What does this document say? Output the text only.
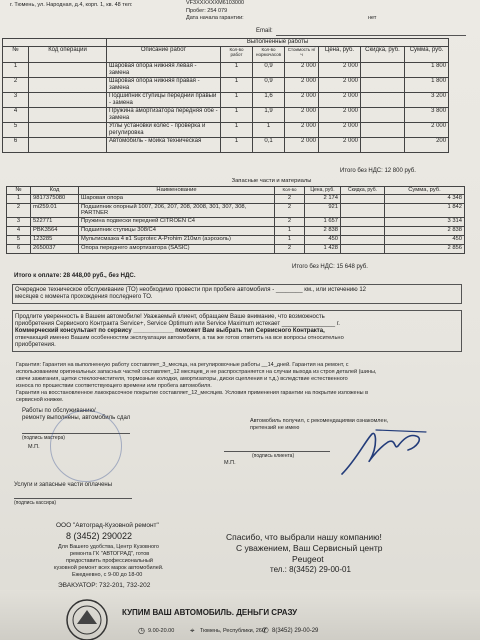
г. Тюмень, ул. Народная, д.4, корп. 1, кв. 48 тел:	VF3XXXXXXM6103000
Пробег: 254 079
Дата начала гарантии:	нет
Email:
		Выполненные работы						
№	Код операции	Описание работ	Кол-во работ	Кол-во нормочасов	Стоимость н/ч	Цена, руб.	Скидка, руб.	Сумма, руб.
1		Шаровая опора нижняя левая - замена	1	0,9	2 000	2 000		1 800
2		Шаровая опора нижняя правая - замена	1	0,9	2 000	2 000		1 800
3		Подшипник ступицы передний правый - замена	1	1,6	2 000	2 000		3 200
4		Пружина амортизатора передняя обе - замена	1	1,9	2 000	2 000		3 800
5		Углы установки колес - проверка и регулировка	1	1	2 000	2 000		2 000
6		Автомобиль - мойка техническая	1	0,1	2 000	2 000		200
Итого без НДС: 12 800 руб.
		Запасные части и материалы				
№	Код	Наименование	Кол-во	Цена, руб.	Скидка, руб.	Сумма, руб.
1	9817375080	Шаровая опора	2	2 174		4 348
2	mi259.01	Подшипник опорный 1007, 206, 207, 208, 2008, 301, 307, 308, PARTNER	2	921		1 842
3	522771	Пружина подвески передней CITROEN C4	2	1 657		3 314
4	PBK3564	Подшипник ступицы 308/C4	1	2 838		2 838
5	123285	Мультисмазка 4 в1 Suprotec A-Prohim 210мл (аэрозоль)	1	450		450
6	2650037	Опора переднего амортизатора (SASIC)	2	1 428		2 856
Итого без НДС: 15 648 руб.
Итого к оплате: 28 448,00 руб., без НДС.
Очередное техническое обслуживание (ТО) необходимо провести при пробеге автомобиля - ________ км., или истечению 12
месяцев с момента прохождения последнего ТО.
Продлите уверенность в Вашем автомобиле! Уважаемый клиент, обращаем Ваше внимание, что возможность
приобретения Сервисного Контракта Service+, Service Optimum или Service Maximum истекает ________________ г.
Коммерческий консультант по сервису ____________ поможет Вам выбрать тип Сервисного Контракта,
отвечающий именно Вашим особенностям эксплуатации автомобиля, а так же готов ответить на все вопросы относительно
приобретения.
Гарантия: Гарантия на выполненную работу составляет_3_месяца, на регулировочные работы __14_дней. Гарантия на ремонт, с
использованием оригинальных запасных частей составляет_12 месяцев_и не распространяется на случаи выхода из строя деталей (шины,
свечи зажигания, щетки стеклоочистителя, тормозные колодки, амортизаторы, диски сцепления и т.д.) вследствие естественного
износа по прошествии соответствующего времени или пробега автомобиля.
Гарантия на восстановленное лакокрасочное покрытие составляет_12_месяцев. Условия применения гарантии на покрытие изложены в
сервисной книжке.
Работы по обслуживанию/
ремонту выполнены, автомобиль сдал
(подпись мастера)
М.П.
Услуги и запасные части оплачены
(подпись кассира)
Автомобиль получил, с рекомендациями ознакомлен,
претензий не имею
(подпись клиента)
М.П.
ООО "Автоград-Кузовной ремонт"
8 (3452) 290022
Для Вашего удобства, Центр Кузовного
ремонта ГК "АВТОГРАД", готов
предоставить профессиональный
кузовной ремонт всех марок автомобилей.
Ежедневно, с 9-00 до 18-00
ЭВАКУАТОР: 732-201, 732-202
Спасибо, что выбрали нашу компанию!
С уважением, Ваш Сервисный центр
Peugeot
тел.: 8(3452) 29-00-01
КУПИМ ВАШ АВТОМОБИЛЬ. ДЕНЬГИ СРАЗУ
◷ 9.00-20.00 ⌖ Тюмень, Республики, 260
✆ 8(3452) 29-00-29
